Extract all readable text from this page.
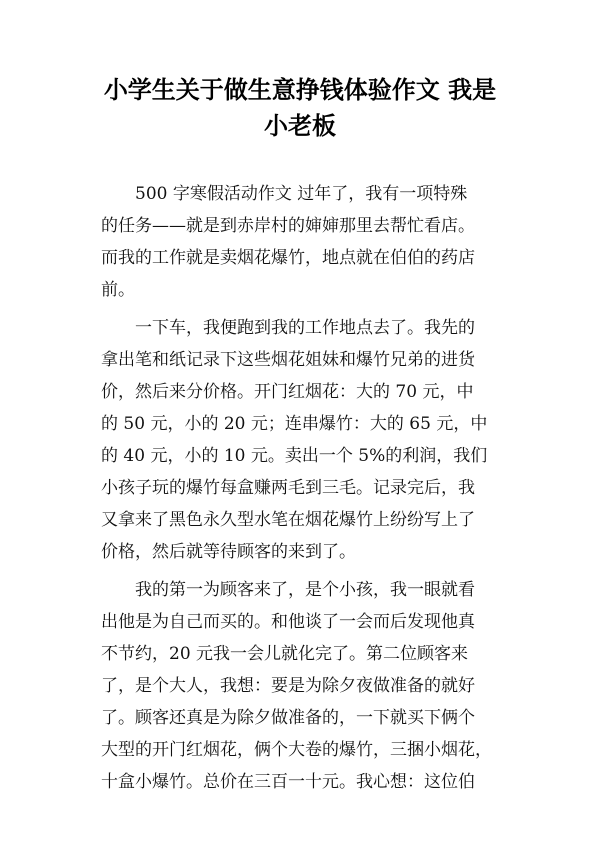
小学生关于做生意挣钱体验作文 我是
小老板
500 字寒假活动作文 过年了，我有一项特殊
的任务——就是到赤岸村的婶婶那里去帮忙看店。
而我的工作就是卖烟花爆竹，地点就在伯伯的药店
前。
一下车，我便跑到我的工作地点去了。我先的
拿出笔和纸记录下这些烟花姐妹和爆竹兄弟的进货
价，然后来分价格。开门红烟花：大的 70 元，中
的 50 元，小的 20 元；连串爆竹：大的 65 元，中
的 40 元，小的 10 元。卖出一个 5%的利润，我们
小孩子玩的爆竹每盒赚两毛到三毛。记录完后，我
又拿来了黑色永久型水笔在烟花爆竹上纷纷写上了
价格，然后就等待顾客的来到了。
我的第一为顾客来了，是个小孩，我一眼就看
出他是为自己而买的。和他谈了一会而后发现他真
不节约，20 元我一会儿就化完了。第二位顾客来
了，是个大人，我想：要是为除夕夜做准备的就好
了。顾客还真是为除夕做准备的，一下就买下俩个
大型的开门红烟花，俩个大卷的爆竹，三捆小烟花，
十盒小爆竹。总价在三百一十元。我心想：这位伯
